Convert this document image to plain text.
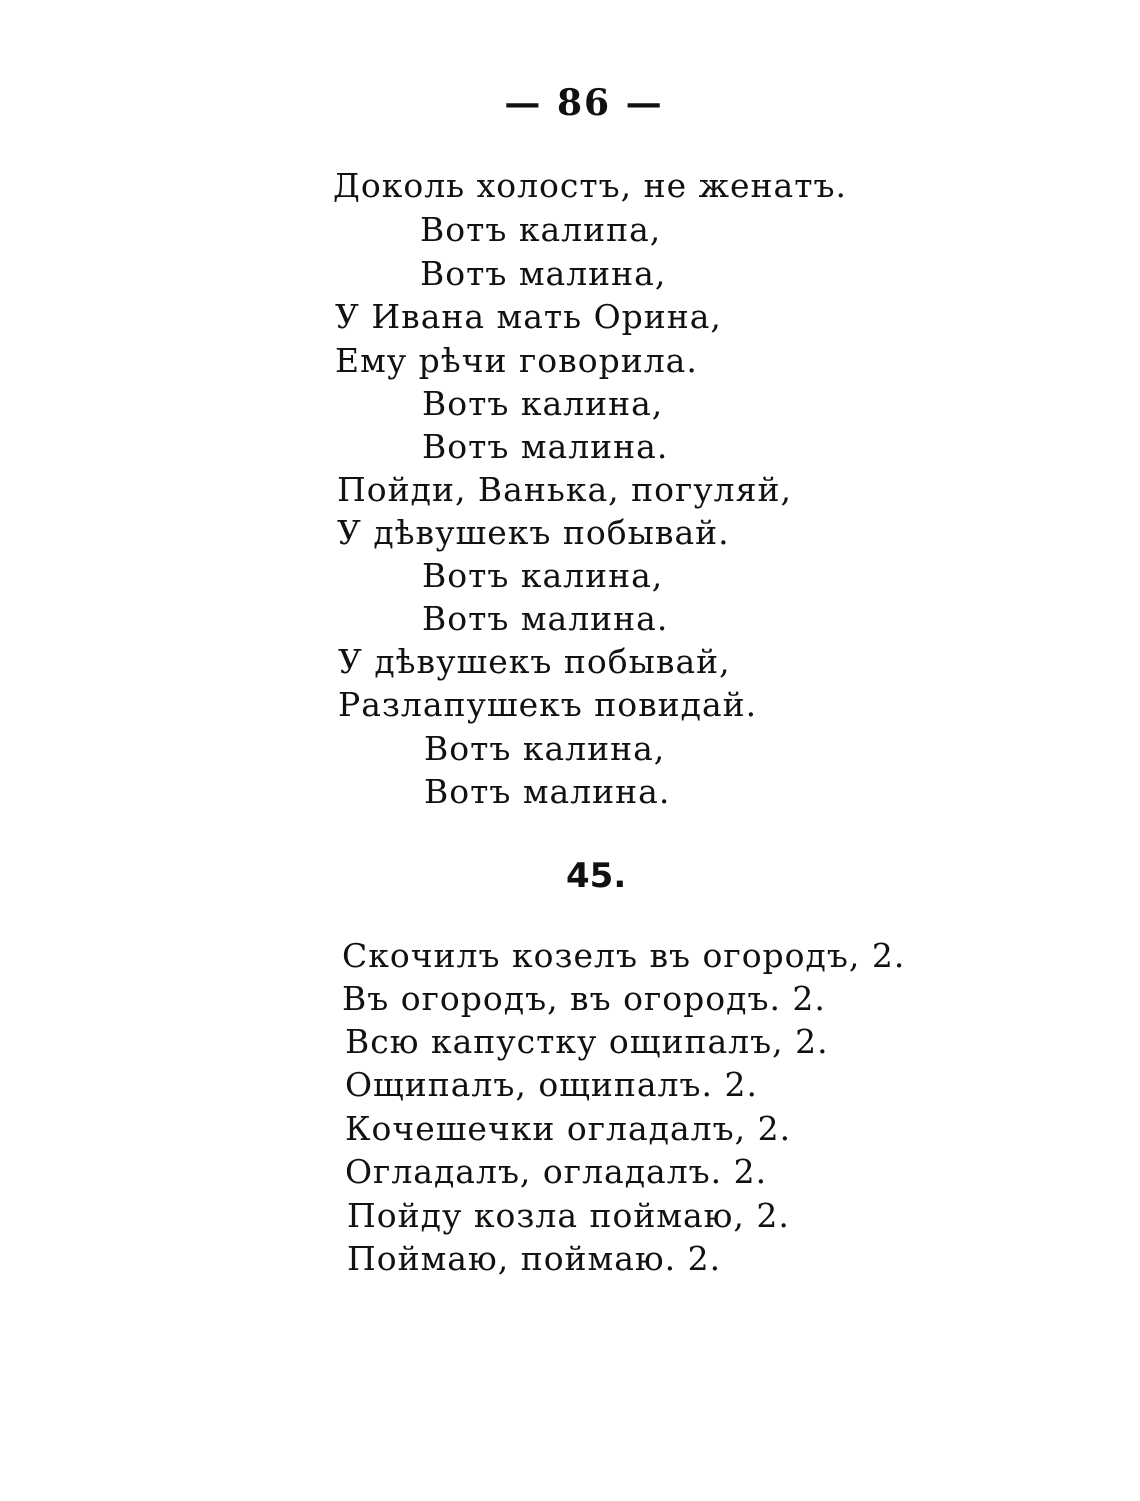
— 86 —
Доколь холостъ, не женатъ.
Вотъ калипа,
Вотъ малина,
У Ивана мать Орина,
Ему рѣчи говорила.
Вотъ калина,
Вотъ малина.
Пойди, Ванька, погуляй,
У дѣвушекъ побывай.
Вотъ калина,
Вотъ малина.
У дѣвушекъ побывай,
Разлапушекъ повидай.
Вотъ калина,
Вотъ малина.
45.
Скочилъ козелъ въ огородъ, 2.
Въ огородъ, въ огородъ. 2.
Всю капустку ощипалъ, 2.
Ощипалъ, ощипалъ. 2.
Кочешечки огладалъ, 2.
Огладалъ, огладалъ. 2.
Пойду козла поймаю, 2.
Поймаю, поймаю. 2.
